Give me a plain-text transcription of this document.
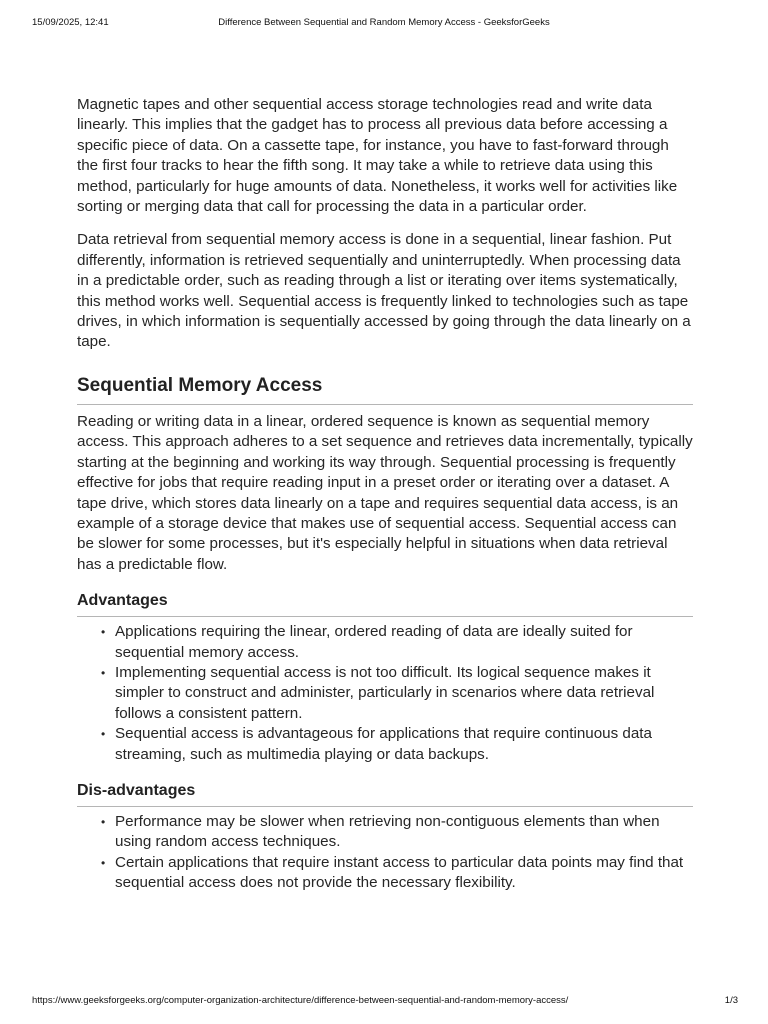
15/09/2025, 12:41	Difference Between Sequential and Random Memory Access - GeeksforGeeks

Magnetic tapes and other sequential access storage technologies read and write data linearly. This implies that the gadget has to process all previous data before accessing a specific piece of data. On a cassette tape, for instance, you have to fast-forward through the first four tracks to hear the fifth song. It may take a while to retrieve data using this method, particularly for huge amounts of data. Nonetheless, it works well for activities like sorting or merging data that call for processing the data in a particular order.

Data retrieval from sequential memory access is done in a sequential, linear fashion. Put differently, information is retrieved sequentially and uninterruptedly. When processing data in a predictable order, such as reading through a list or iterating over items systematically, this method works well. Sequential access is frequently linked to technologies such as tape drives, in which information is sequentially accessed by going through the data linearly on a tape.

Sequential Memory Access

Reading or writing data in a linear, ordered sequence is known as sequential memory access. This approach adheres to a set sequence and retrieves data incrementally, typically starting at the beginning and working its way through. Sequential processing is frequently effective for jobs that require reading input in a preset order or iterating over a dataset. A tape drive, which stores data linearly on a tape and requires sequential data access, is an example of a storage device that makes use of sequential access. Sequential access can be slower for some processes, but it's especially helpful in situations when data retrieval has a predictable flow.

Advantages
• Applications requiring the linear, ordered reading of data are ideally suited for sequential memory access.
• Implementing sequential access is not too difficult. Its logical sequence makes it simpler to construct and administer, particularly in scenarios where data retrieval follows a consistent pattern.
• Sequential access is advantageous for applications that require continuous data streaming, such as multimedia playing or data backups.
Dis-advantages
• Performance may be slower when retrieving non-contiguous elements than when using random access techniques.
• Certain applications that require instant access to particular data points may find that sequential access does not provide the necessary flexibility.
https://www.geeksforgeeks.org/computer-organization-architecture/difference-between-sequential-and-random-memory-access/	1/3
